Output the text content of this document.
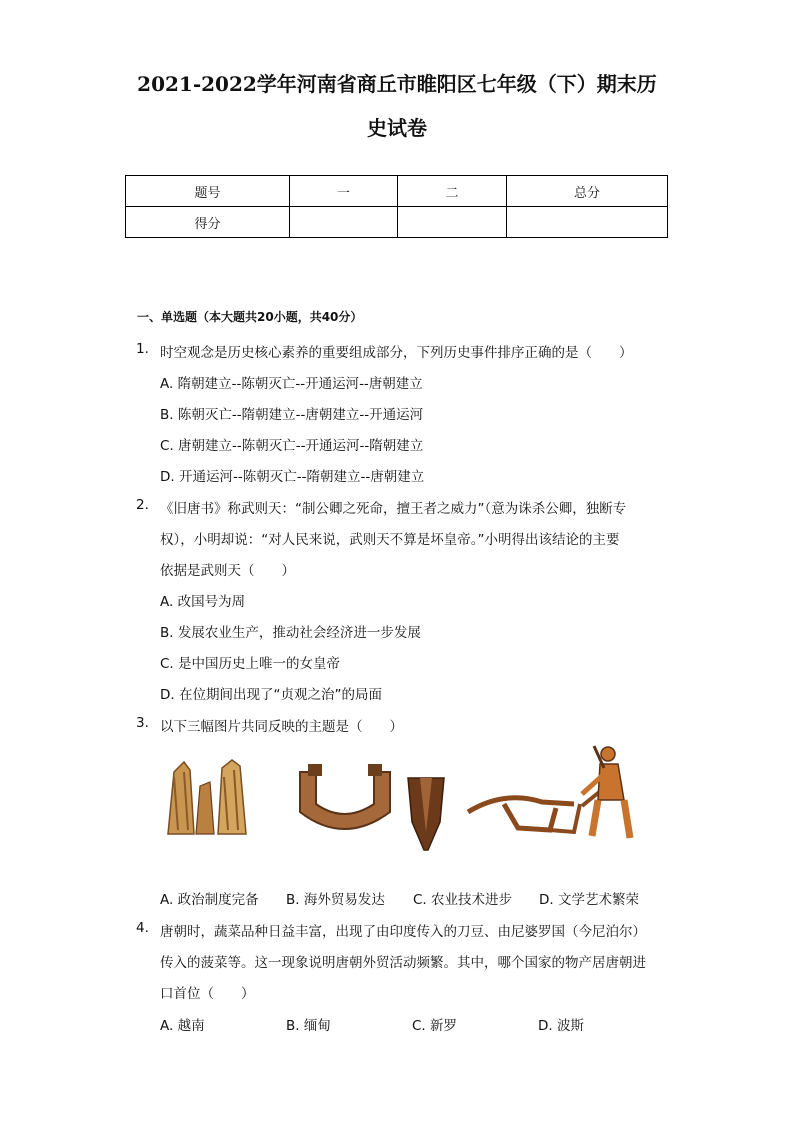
2021-2022学年河南省商丘市睢阳区七年级（下）期末历
史试卷
题号	一	二	总分
得分			
一、单选题（本大题共20小题，共40分）
1. 时空观念是历史核心素养的重要组成部分，下列历史事件排序正确的是（　　）
A. 隋朝建立--陈朝灭亡--开通运河--唐朝建立
B. 陈朝灭亡--隋朝建立--唐朝建立--开通运河
C. 唐朝建立--陈朝灭亡--开通运河--隋朝建立
D. 开通运河--陈朝灭亡--隋朝建立--唐朝建立
2. 《旧唐书》称武则天：“制公卿之死命，擅王者之威力”（意为诛杀公卿，独断专
权），小明却说：“对人民来说，武则天不算是坏皇帝。”小明得出该结论的主要
依据是武则天（　　）
A. 改国号为周
B. 发展农业生产，推动社会经济进一步发展
C. 是中国历史上唯一的女皇帝
D. 在位期间出现了“贞观之治”的局面
3. 以下三幅图片共同反映的主题是（　　）
A. 政治制度完备 B. 海外贸易发达 C. 农业技术进步 D. 文学艺术繁荣
4. 唐朝时，蔬菜品种日益丰富，出现了由印度传入的刀豆、由尼婆罗国（今尼泊尔）
传入的菠菜等。这一现象说明唐朝外贸活动频繁。其中，哪个国家的物产居唐朝进
口首位（　　）
A. 越南	B. 缅甸	C. 新罗	D. 波斯
